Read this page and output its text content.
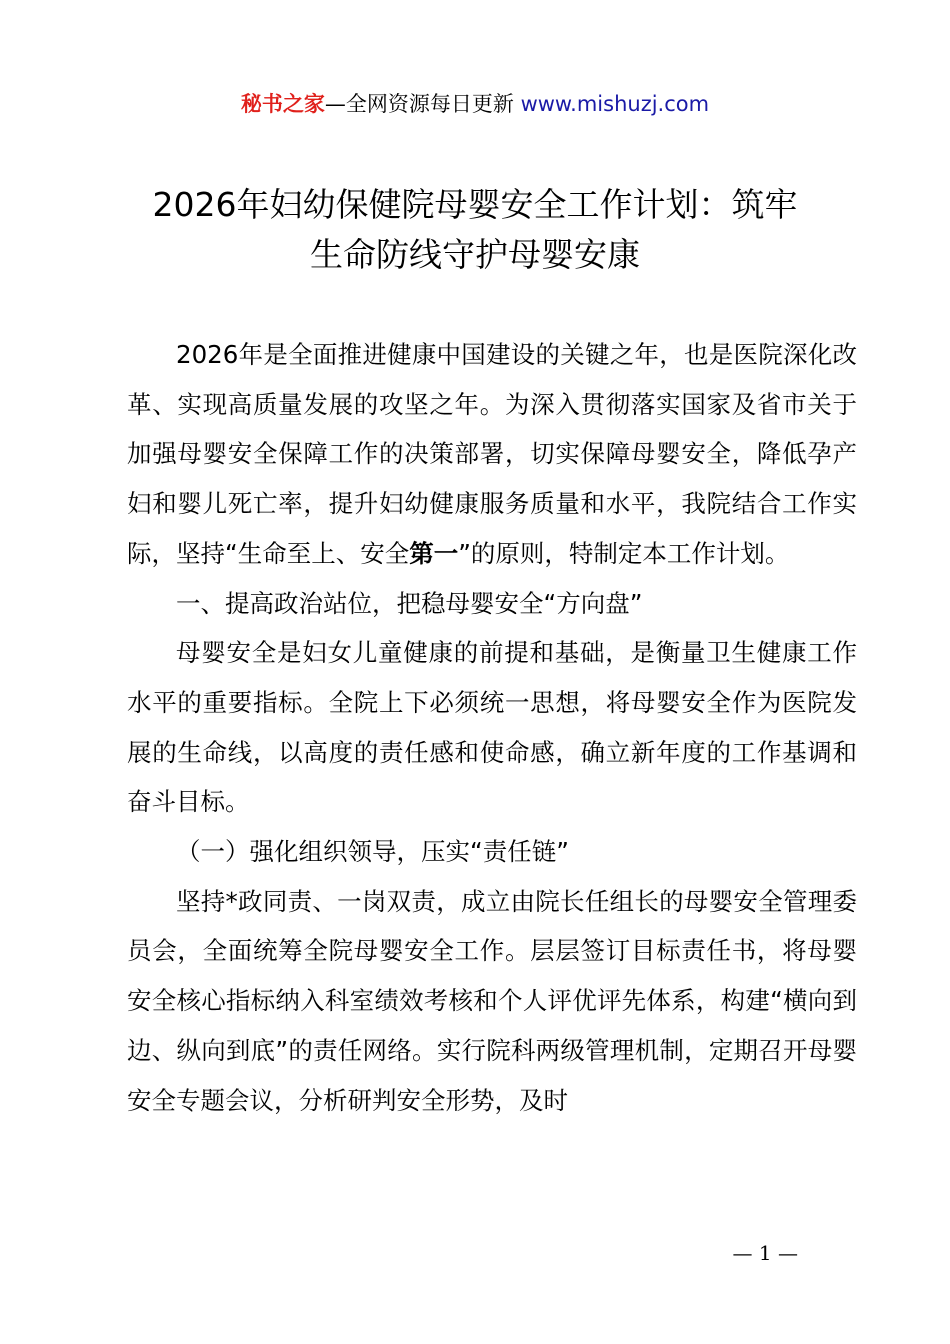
秘书之家—全网资源每日更新 www.mishuzj.com
2026年妇幼保健院母婴安全工作计划：筑牢
生命防线守护母婴安康

2026年是全面推进健康中国建设的关键之年，也是医院深化改革、实现高质量发展的攻坚之年。为深入贯彻落实国家及省市关于加强母婴安全保障工作的决策部署，切实保障母婴安全，降低孕产妇和婴儿死亡率，提升妇幼健康服务质量和水平，我院结合工作实际，坚持“生命至上、安全第一”的原则，特制定本工作计划。

一、提高政治站位，把稳母婴安全“方向盘”

母婴安全是妇女儿童健康的前提和基础，是衡量卫生健康工作水平的重要指标。全院上下必须统一思想，将母婴安全作为医院发展的生命线，以高度的责任感和使命感，确立新年度的工作基调和奋斗目标。

（一）强化组织领导，压实“责任链”

坚持*政同责、一岗双责，成立由院长任组长的母婴安全管理委员会，全面统筹全院母婴安全工作。层层签订目标责任书，将母婴安全核心指标纳入科室绩效考核和个人评优评先体系，构建“横向到边、纵向到底”的责任网络。实行院科两级管理机制，定期召开母婴安全专题会议，分析研判安全形势，及时

— 1 —
